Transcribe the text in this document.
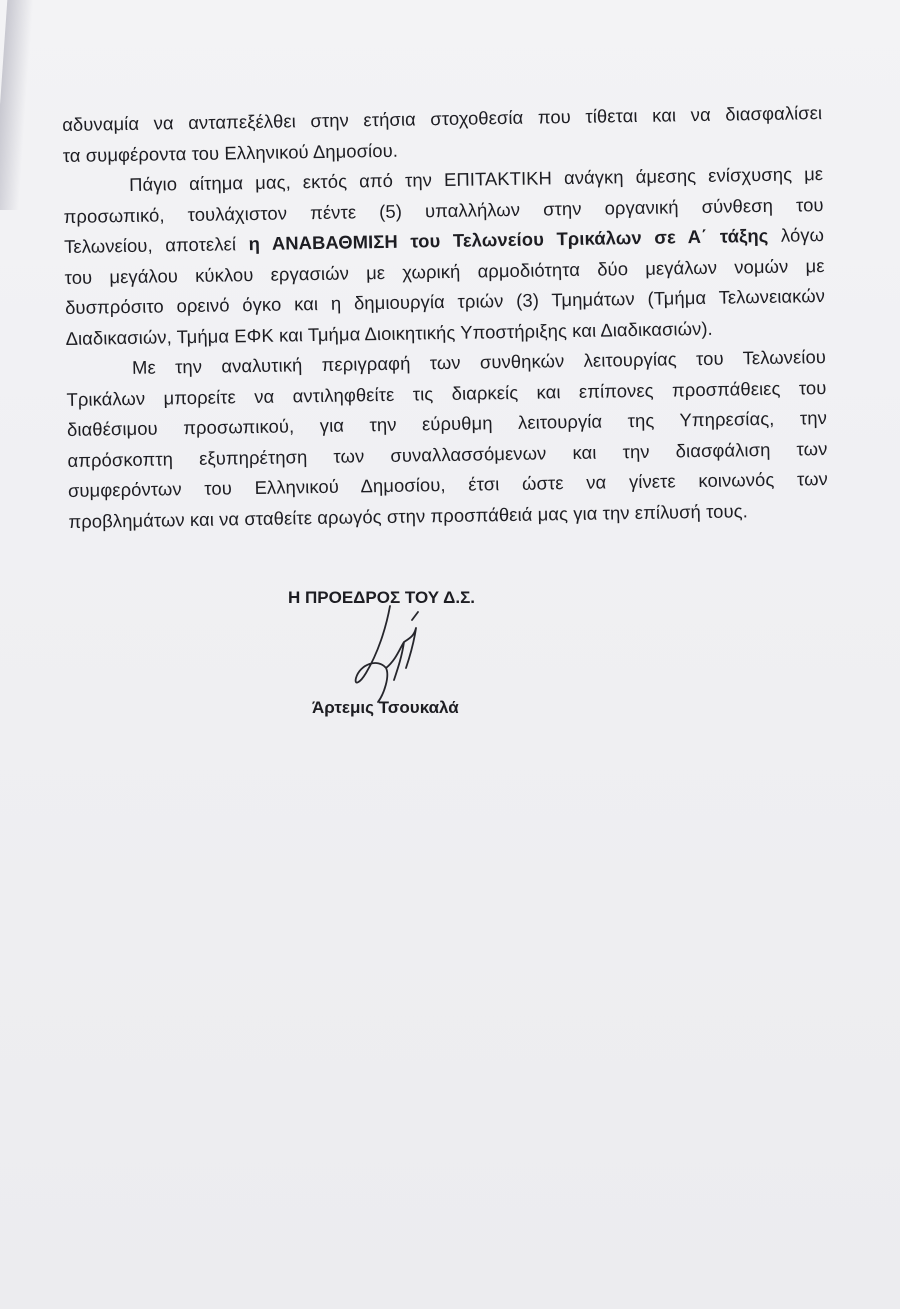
αδυναμία να ανταπεξέλθει στην ετήσια στοχοθεσία που τίθεται και να διασφαλίσει
τα συμφέροντα του Ελληνικού Δημοσίου.
Πάγιο αίτημα μας, εκτός από την ΕΠΙΤΑΚΤΙΚΗ ανάγκη άμεσης ενίσχυσης με
προσωπικό, τουλάχιστον πέντε (5) υπαλλήλων στην οργανική σύνθεση του
Τελωνείου, αποτελεί η ΑΝΑΒΑΘΜΙΣΗ του Τελωνείου Τρικάλων σε Α΄ τάξης λόγω
του μεγάλου κύκλου εργασιών με χωρική αρμοδιότητα δύο μεγάλων νομών με
δυσπρόσιτο ορεινό όγκο και η δημιουργία τριών (3) Τμημάτων (Τμήμα Τελωνειακών
Διαδικασιών, Τμήμα ΕΦΚ και Τμήμα Διοικητικής Υποστήριξης και Διαδικασιών).
Με την αναλυτική περιγραφή των συνθηκών λειτουργίας του Τελωνείου
Τρικάλων μπορείτε να αντιληφθείτε τις διαρκείς και επίπονες προσπάθειες του
διαθέσιμου προσωπικού, για την εύρυθμη λειτουργία της Υπηρεσίας, την
απρόσκοπτη εξυπηρέτηση των συναλλασσόμενων και την διασφάλιση των
συμφερόντων του Ελληνικού Δημοσίου, έτσι ώστε να γίνετε κοινωνός των
προβλημάτων και να σταθείτε αρωγός στην προσπάθειά μας για την επίλυσή τους.
Η ΠΡΟΕΔΡΟΣ ΤΟΥ Δ.Σ.
Άρτεμις Τσουκαλά
